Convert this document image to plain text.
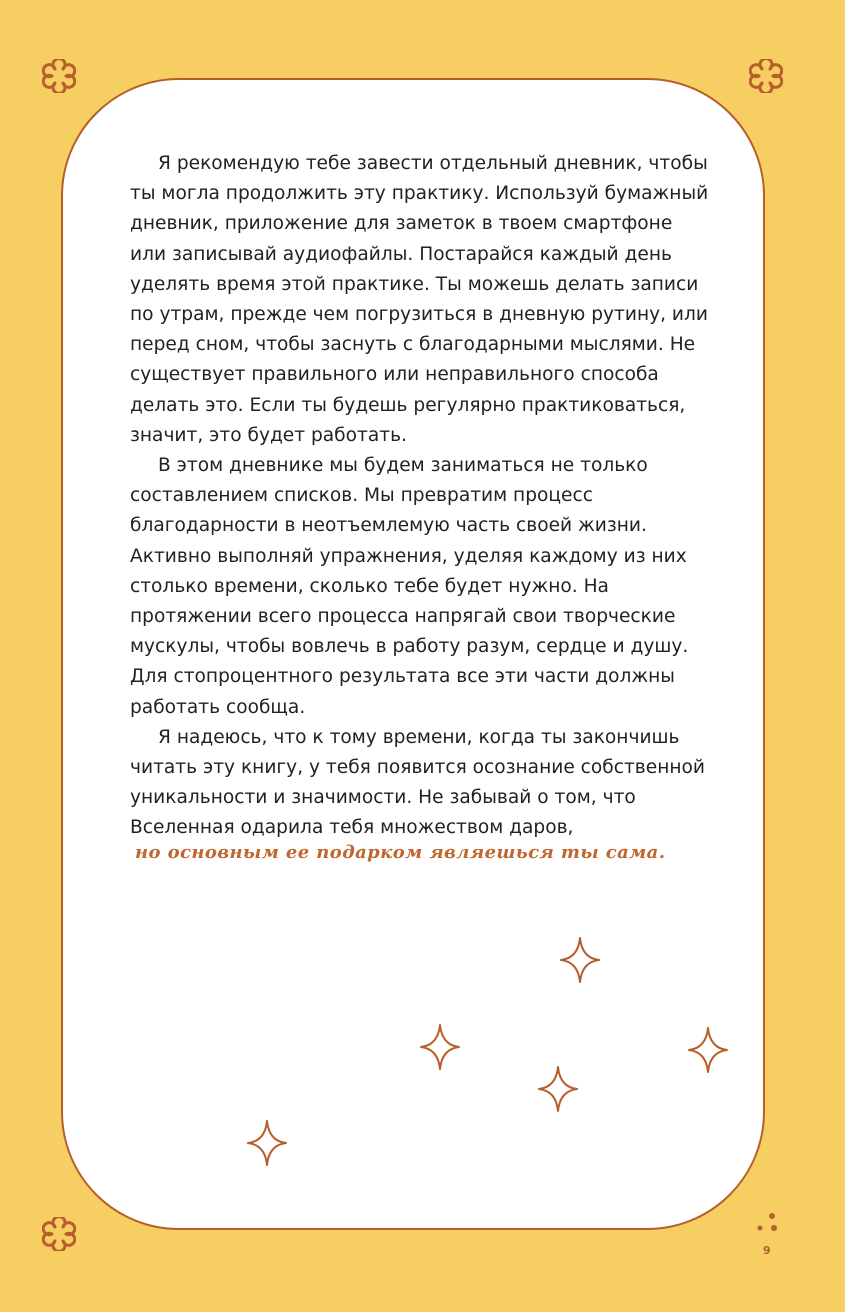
Я рекомендую тебе завести отдельный дневник, чтобы ты могла продолжить эту практику. Используй бумажный дневник, приложение для заметок в твоем смартфоне или записывай аудиофайлы. Постарайся каждый день уделять время этой практике. Ты можешь делать записи по утрам, прежде чем погрузиться в дневную рутину, или перед сном, чтобы заснуть с благодарными мыслями. Не существует правильного или неправильного способа делать это. Если ты будешь регулярно практиковаться, значит, это будет работать.

В этом дневнике мы будем заниматься не только составлением списков. Мы превратим процесс благодарности в неотъемлемую часть своей жизни. Активно выполняй упражнения, уделяя каждому из них столько времени, сколько тебе будет нужно. На протяжении всего процесса напрягай свои творческие мускулы, чтобы вовлечь в работу разум, сердце и душу. Для стопроцентного результата все эти части должны работать сообща.

Я надеюсь, что к тому времени, когда ты закончишь читать эту книгу, у тебя появится осознание собственной уникальности и значимости. Не забывай о том, что Вселенная одарила тебя множеством даров,

но основным ее подарком являешься ты сама.
9
